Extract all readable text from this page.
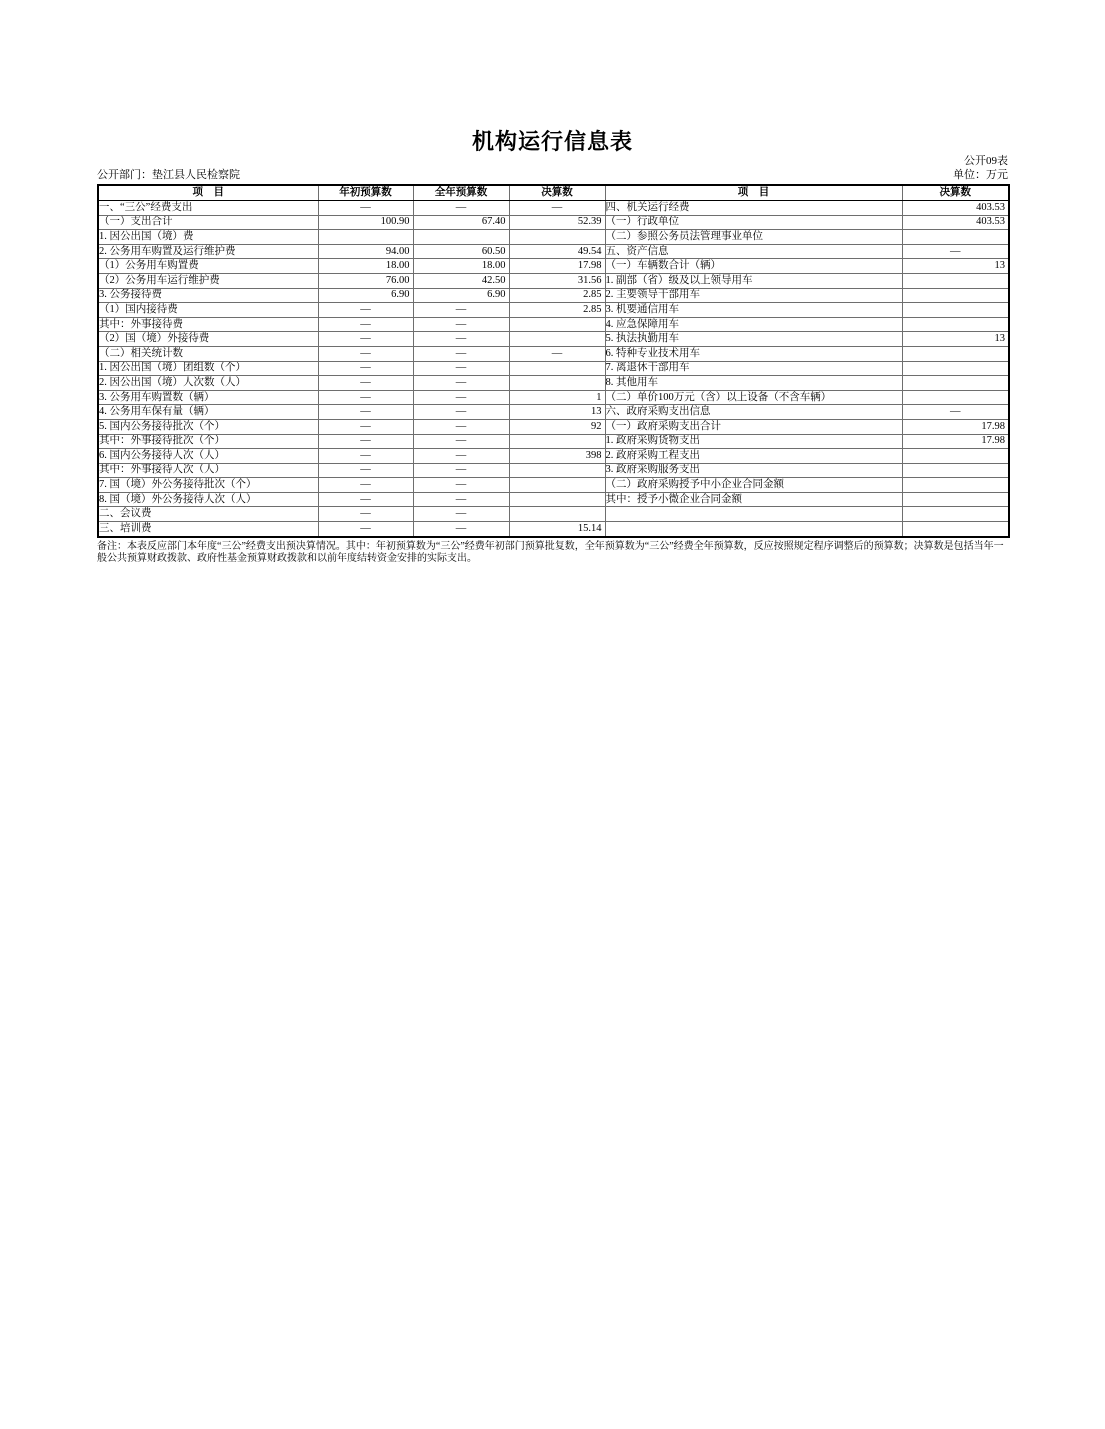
机构运行信息表
公开09表
公开部门：垫江县人民检察院	单位：万元
项　目	年初预算数	全年预算数	决算数	项　目	决算数
一、“三公”经费支出	—	—	—	四、机关运行经费	403.53
（一）支出合计	100.90	67.40	52.39	（一）行政单位	403.53
1. 因公出国（境）费				（二）参照公务员法管理事业单位	
2. 公务用车购置及运行维护费	94.00	60.50	49.54	五、资产信息	—
（1）公务用车购置费	18.00	18.00	17.98	（一）车辆数合计（辆）	13
（2）公务用车运行维护费	76.00	42.50	31.56	1. 副部（省）级及以上领导用车	
3. 公务接待费	6.90	6.90	2.85	2. 主要领导干部用车	
（1）国内接待费	—	—	2.85	3. 机要通信用车	
其中：外事接待费	—	—		4. 应急保障用车	
（2）国（境）外接待费	—	—		5. 执法执勤用车	13
（二）相关统计数	—	—	—	6. 特种专业技术用车	
1. 因公出国（境）团组数（个）	—	—		7. 离退休干部用车	
2. 因公出国（境）人次数（人）	—	—		8. 其他用车	
3. 公务用车购置数（辆）	—	—	1	（二）单价100万元（含）以上设备（不含车辆）	
4. 公务用车保有量（辆）	—	—	13	六、政府采购支出信息	—
5. 国内公务接待批次（个）	—	—	92	（一）政府采购支出合计	17.98
其中：外事接待批次（个）	—	—		1. 政府采购货物支出	17.98
6. 国内公务接待人次（人）	—	—	398	2. 政府采购工程支出	
其中：外事接待人次（人）	—	—		3. 政府采购服务支出	
7. 国（境）外公务接待批次（个）	—	—		（二）政府采购授予中小企业合同金额	
8. 国（境）外公务接待人次（人）	—	—		其中：授予小微企业合同金额	
二、会议费	—	—			
三、培训费	—	—	15.14		
备注：本表反应部门本年度“三公”经费支出预决算情况。其中：年初预算数为“三公”经费年初部门预算批复数，全年预算数为“三公”经费全年预算数，反应按照规定程序调整后的预算数；决算数是包括当年一般公共预算财政拨款、政府性基金预算财政拨款和以前年度结转资金安排的实际支出。
